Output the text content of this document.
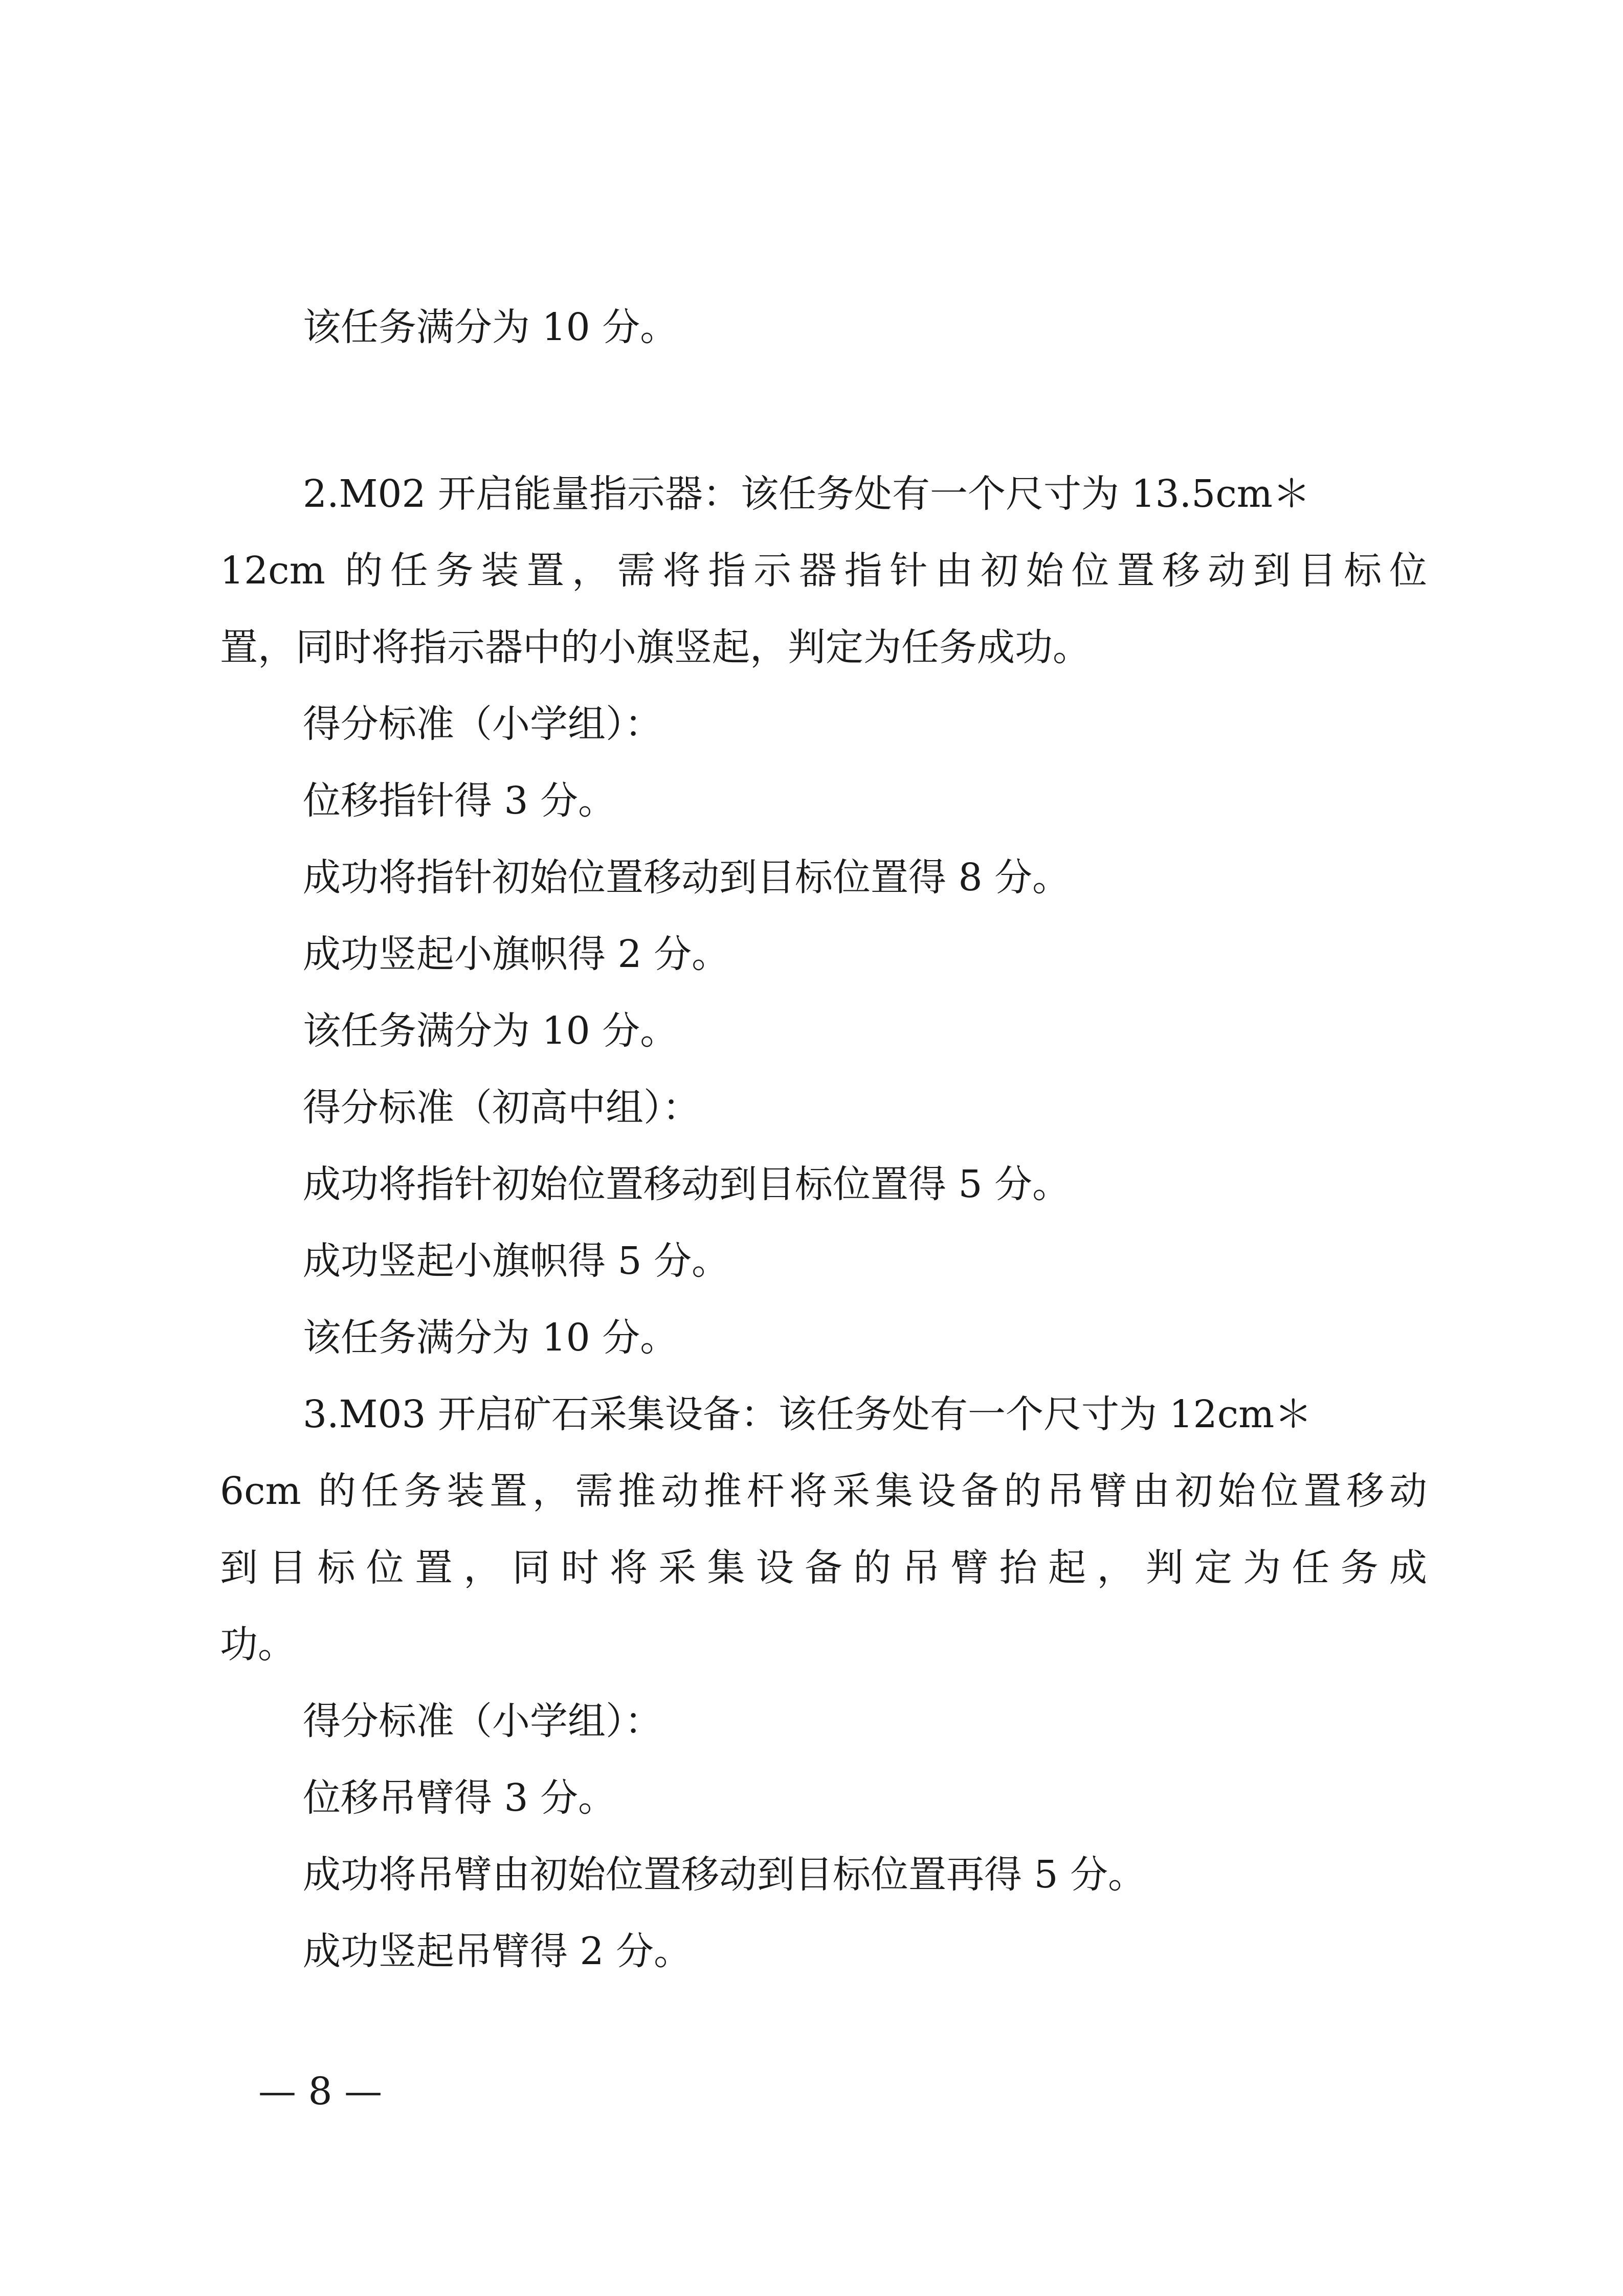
该任务满分为 10 分。
2.M02 开启能量指示器：该任务处有一个尺寸为 13.5cm＊
12cm 的任务装置，需将指示器指针由初始位置移动到目标位
置，同时将指示器中的小旗竖起，判定为任务成功。
得分标准（小学组）：
位移指针得 3 分。
成功将指针初始位置移动到目标位置得 8 分。
成功竖起小旗帜得 2 分。
该任务满分为 10 分。
得分标准（初高中组）：
成功将指针初始位置移动到目标位置得 5 分。
成功竖起小旗帜得 5 分。
该任务满分为 10 分。
3.M03 开启矿石采集设备：该任务处有一个尺寸为 12cm＊
6cm 的任务装置，需推动推杆将采集设备的吊臂由初始位置移动
到目标位置，同时将采集设备的吊臂抬起，判定为任务成
功。
得分标准（小学组）：
位移吊臂得 3 分。
成功将吊臂由初始位置移动到目标位置再得 5 分。
成功竖起吊臂得 2 分。
— 8 —
